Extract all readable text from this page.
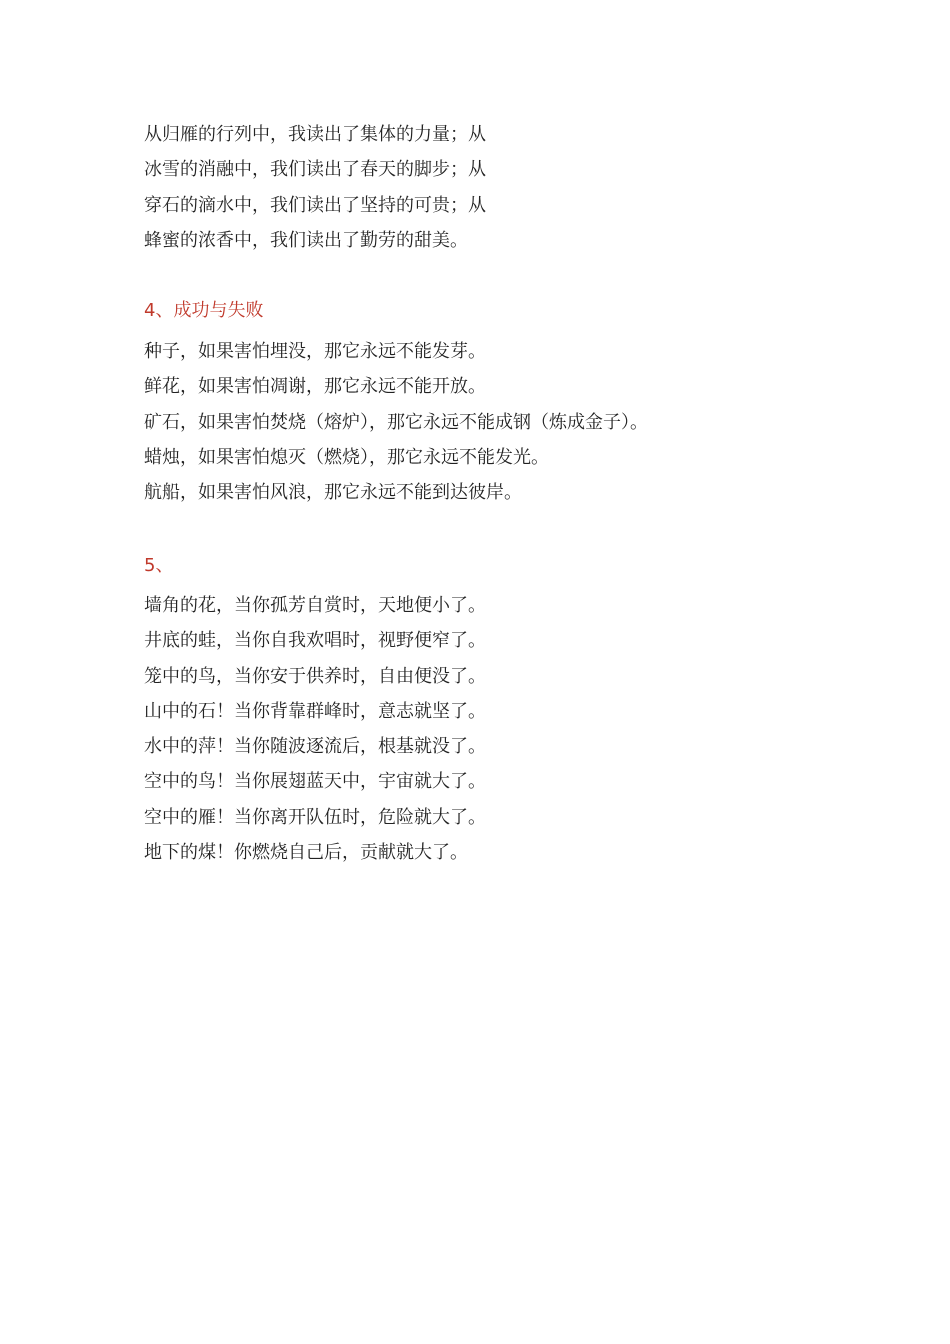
从归雁的行列中，我读出了集体的力量；从
冰雪的消融中，我们读出了春天的脚步；从
穿石的滴水中，我们读出了坚持的可贵；从
蜂蜜的浓香中，我们读出了勤劳的甜美。
4、成功与失败
种子，如果害怕埋没，那它永远不能发芽。
鲜花，如果害怕凋谢，那它永远不能开放。
矿石，如果害怕焚烧（熔炉），那它永远不能成钢（炼成金子）。
蜡烛，如果害怕熄灭（燃烧），那它永远不能发光。
航船，如果害怕风浪，那它永远不能到达彼岸。
5、
墙角的花，当你孤芳自赏时，天地便小了。
井底的蛙，当你自我欢唱时，视野便窄了。
笼中的鸟，当你安于供养时，自由便没了。
山中的石！当你背靠群峰时，意志就坚了。
水中的萍！当你随波逐流后，根基就没了。
空中的鸟！当你展翅蓝天中，宇宙就大了。
空中的雁！当你离开队伍时，危险就大了。
地下的煤！你燃烧自己后，贡献就大了。
